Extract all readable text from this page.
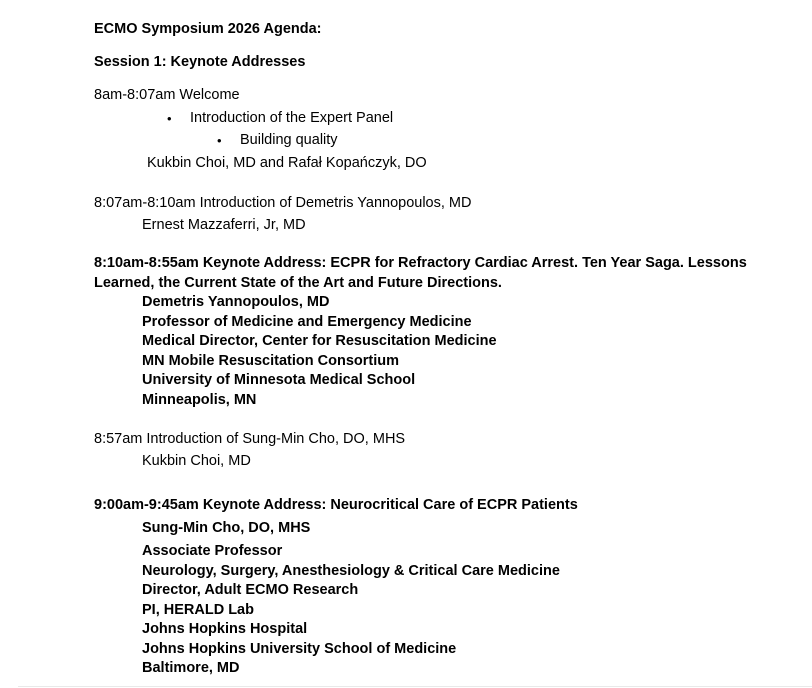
ECMO Symposium 2026 Agenda:

Session 1: Keynote Addresses

8am-8:07am Welcome

•	Introduction of the Expert Panel
•	Building quality

Kukbin Choi, MD and Rafał Kopańczyk, DO

8:07am-8:10am Introduction of Demetris Yannopoulos, MD

Ernest Mazzaferri, Jr, MD

8:10am-8:55am Keynote Address: ECPR for Refractory Cardiac Arrest. Ten Year Saga. Lessons

Learned, the Current State of the Art and Future Directions.

Demetris Yannopoulos, MD

Professor of Medicine and Emergency Medicine

Medical Director, Center for Resuscitation Medicine

MN Mobile Resuscitation Consortium

University of Minnesota Medical School

Minneapolis, MN

8:57am Introduction of Sung-Min Cho, DO, MHS

Kukbin Choi, MD

9:00am-9:45am Keynote Address: Neurocritical Care of ECPR Patients

Sung-Min Cho, DO, MHS

Associate Professor

Neurology, Surgery, Anesthesiology & Critical Care Medicine

Director, Adult ECMO Research

PI, HERALD Lab

Johns Hopkins Hospital

Johns Hopkins University School of Medicine

Baltimore, MD
